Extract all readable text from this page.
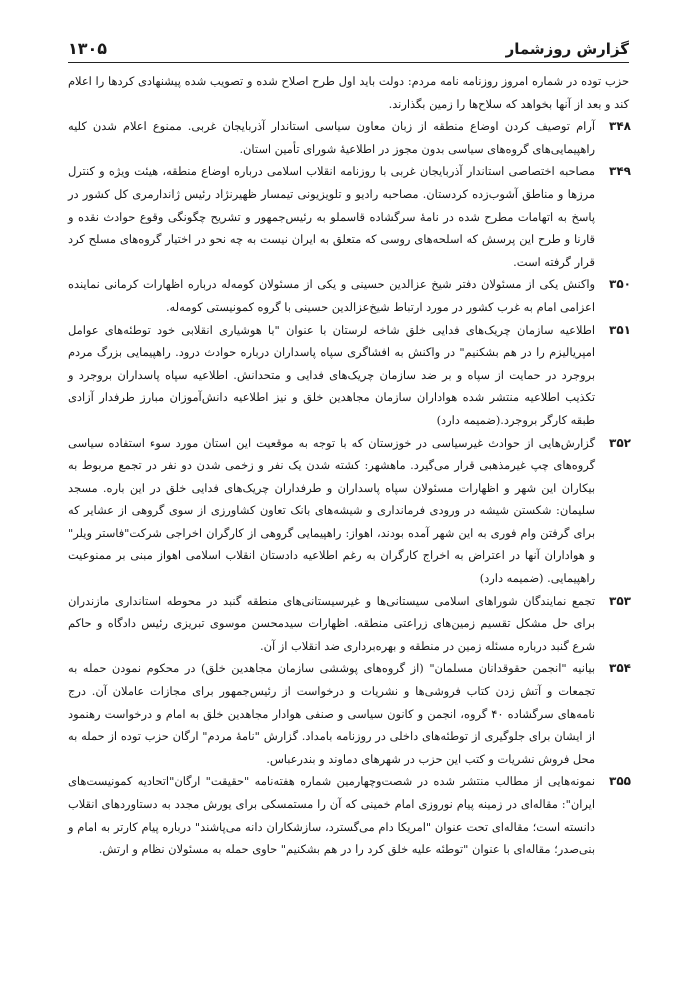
گزارش روزشمار
۱۳۰۵

حزب توده در شماره امروز روزنامه نامه مردم: دولت باید اول طرح اصلاح شده و تصویب شده پیشنهادی کردها را اعلام کند و بعد از آنها بخواهد که سلاح‌ها را زمین بگذارند.

۳۴۸

آرام توصیف کردن اوضاع منطقه از زبان معاون سیاسی استاندار آذربایجان غربی. ممنوع اعلام شدن کلیه راهپیمایی‌های گروه‌های سیاسی بدون مجوز در اطلاعیهٔ شورای تأمین استان.

۳۴۹

مصاحبه اختصاصی استاندار آذربایجان غربی با روزنامه انقلاب اسلامی درباره اوضاع منطقه، هیئت ویژه و کنترل مرزها و مناطق آشوب‌زده کردستان. مصاحبه رادیو و تلویزیونی تیمسار ظهیرنژاد رئیس ژاندارمری کل کشور در پاسخ به اتهامات مطرح شده در نامهٔ سرگشاده قاسملو به رئیس‌جمهور و تشریح چگونگی وقوع حوادث نقده و قارنا و طرح این پرسش که اسلحه‌های روسی که متعلق به ایران نیست به چه نحو در اختیار گروه‌های مسلح کرد قرار گرفته است.

۳۵۰

واکنش یکی از مسئولان دفتر شیخ عزالدین حسینی و یکی از مسئولان کومه‌له درباره اظهارات کرمانی نماینده اعزامی امام به غرب کشور در مورد ارتباط شیخ‌عزالدین حسینی با گروه کمونیستی کومه‌له.

۳۵۱

اطلاعیه سازمان چریک‌های فدایی خلق شاخه لرستان با عنوان "با هوشیاری انقلابی خود توطئه‌های عوامل امپریالیزم را در هم بشکنیم" در واکنش به افشاگری سپاه پاسداران درباره حوادث درود. راهپیمایی بزرگ مردم بروجرد در حمایت از سپاه و بر ضد سازمان چریک‌های فدایی و متحدانش. اطلاعیه سپاه پاسداران بروجرد و تکذیب اطلاعیه منتشر شده هواداران سازمان مجاهدین خلق و نیز اطلاعیه دانش‌آموزان مبارز طرفدار آزادی طبقه کارگر بروجرد.(ضمیمه دارد)

۳۵۲

گزارش‌هایی از حوادث غیرسیاسی در خوزستان که با توجه به موقعیت این استان مورد سوء استفاده سیاسی گروه‌های چپ غیرمذهبی قرار می‌گیرد. ماهشهر: کشته شدن یک نفر و زخمی شدن دو نفر در تجمع مربوط به بیکاران این شهر و اظهارات مسئولان سپاه پاسداران و طرفداران چریک‌های فدایی خلق در این باره. مسجد سلیمان: شکستن شیشه در ورودی فرمانداری و شیشه‌های بانک تعاون کشاورزی از سوی گروهی از عشایر که برای گرفتن وام فوری به این شهر آمده بودند، اهواز: راهپیمایی گروهی از کارگران اخراجی شرکت"فاستر ویلر" و هواداران آنها در اعتراض به اخراج کارگران به رغم اطلاعیه دادستان انقلاب اسلامی اهواز مبنی بر ممنوعیت راهپیمایی. (ضمیمه دارد)

۳۵۳

تجمع نمایندگان شوراهای اسلامی سیستانی‌ها و غیرسیستانی‌های منطقه گنبد در محوطه استانداری مازندران برای حل مشکل تقسیم زمین‌های زراعتی منطقه. اظهارات سیدمحسن موسوی تبریزی رئیس دادگاه و حاکم شرع گنبد درباره مسئله زمین در منطقه و بهره‌برداری ضد انقلاب از آن.

۳۵۴

بیانیه "انجمن حقوقدانان مسلمان" (از گروه‌های پوششی سازمان مجاهدین خلق) در محکوم نمودن حمله به تجمعات و آتش زدن کتاب فروشی‌ها و نشریات و درخواست از رئیس‌جمهور برای مجازات عاملان آن. درج نامه‌های سرگشاده ۴۰ گروه، انجمن و کانون سیاسی و صنفی هوادار مجاهدین خلق به امام و درخواست رهنمود از ایشان برای جلوگیری از توطئه‌های داخلی در روزنامه بامداد. گزارش "نامهٔ مردم" ارگان حزب توده از حمله به محل فروش نشریات و کتب این حزب در شهرهای دماوند و بندرعباس.

۳۵۵

نمونه‌هایی از مطالب منتشر شده در شصت‌وچهارمین شماره هفته‌نامه "حقیقت" ارگان"اتحادیه کمونیست‌های ایران": مقاله‌ای در زمینه پیام نوروزی امام خمینی که آن را مستمسکی برای یورش مجدد به دستاوردهای انقلاب دانسته است؛ مقاله‌ای تحت عنوان "امریکا دام می‌گسترد، سازشکاران دانه می‌پاشند" درباره پیام کارتر به امام و بنی‌صدر؛ مقاله‌ای با عنوان "توطئه علیه خلق کرد را در هم بشکنیم" حاوی حمله به مسئولان نظام و ارتش.
